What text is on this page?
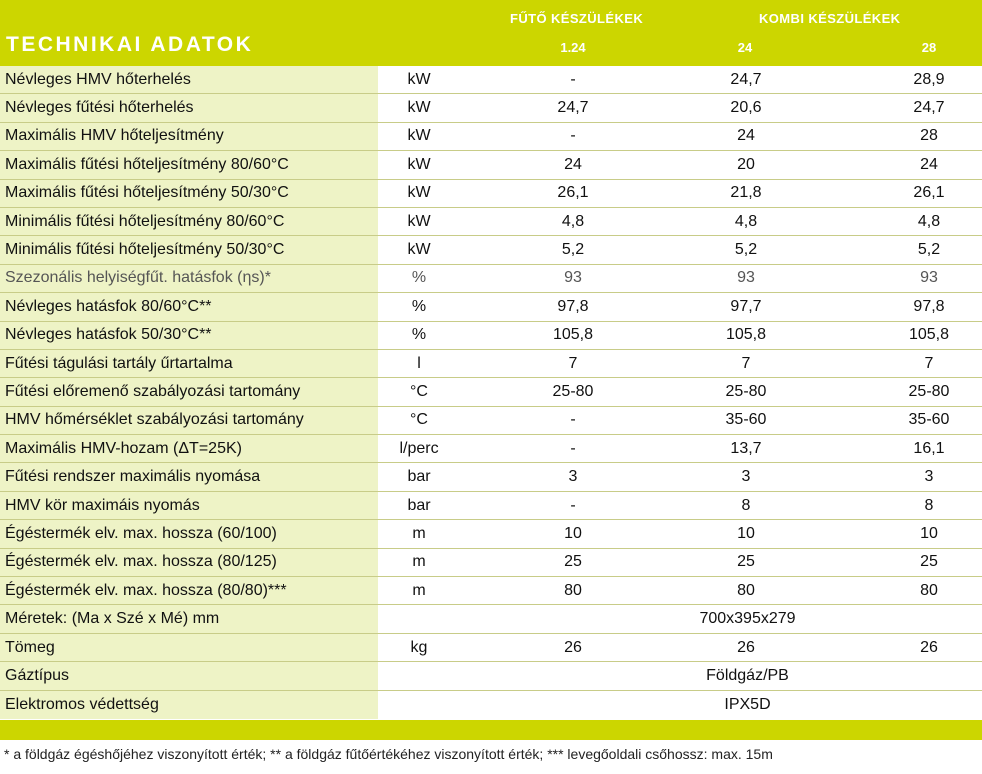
TECHNIKAI ADATOK
FŰTŐ KÉSZÜLÉKEK	KOMBI KÉSZÜLÉKEK
1.24	24	28
Névleges HMV hőterhelés	kW	-	24,7	28,9
Névleges fűtési hőterhelés	kW	24,7	20,6	24,7
Maximális HMV hőteljesítmény	kW	-	24	28
Maximális fűtési hőteljesítmény 80/60°C	kW	24	20	24
Maximális fűtési hőteljesítmény 50/30°C	kW	26,1	21,8	26,1
Minimális fűtési hőteljesítmény 80/60°C	kW	4,8	4,8	4,8
Minimális fűtési hőteljesítmény 50/30°C	kW	5,2	5,2	5,2
Szezonális helyiségfűt. hatásfok (ηs)*	%	93	93	93
Névleges hatásfok 80/60°C**	%	97,8	97,7	97,8
Névleges hatásfok 50/30°C**	%	105,8	105,8	105,8
Fűtési tágulási tartály űrtartalma	l	7	7	7
Fűtési előremenő szabályozási tartomány	°C	25-80	25-80	25-80
HMV hőmérséklet szabályozási tartomány	°C	-	35-60	35-60
Maximális HMV-hozam (ΔT=25K)	l/perc	-	13,7	16,1
Fűtési rendszer maximális nyomása	bar	3	3	3
HMV kör maximáis nyomás	bar	-	8	8
Égéstermék elv. max. hossza (60/100)	m	10	10	10
Égéstermék elv. max. hossza (80/125)	m	25	25	25
Égéstermék elv. max. hossza (80/80)***	m	80	80	80
Méretek: (Ma x Szé x Mé) mm	700x395x279
Tömeg	kg	26	26	26
Gáztípus	Földgáz/PB
Elektromos védettség	IPX5D
* a földgáz égéshőjéhez viszonyított érték; ** a földgáz fűtőértékéhez viszonyított érték; *** levegőoldali csőhossz: max. 15m
